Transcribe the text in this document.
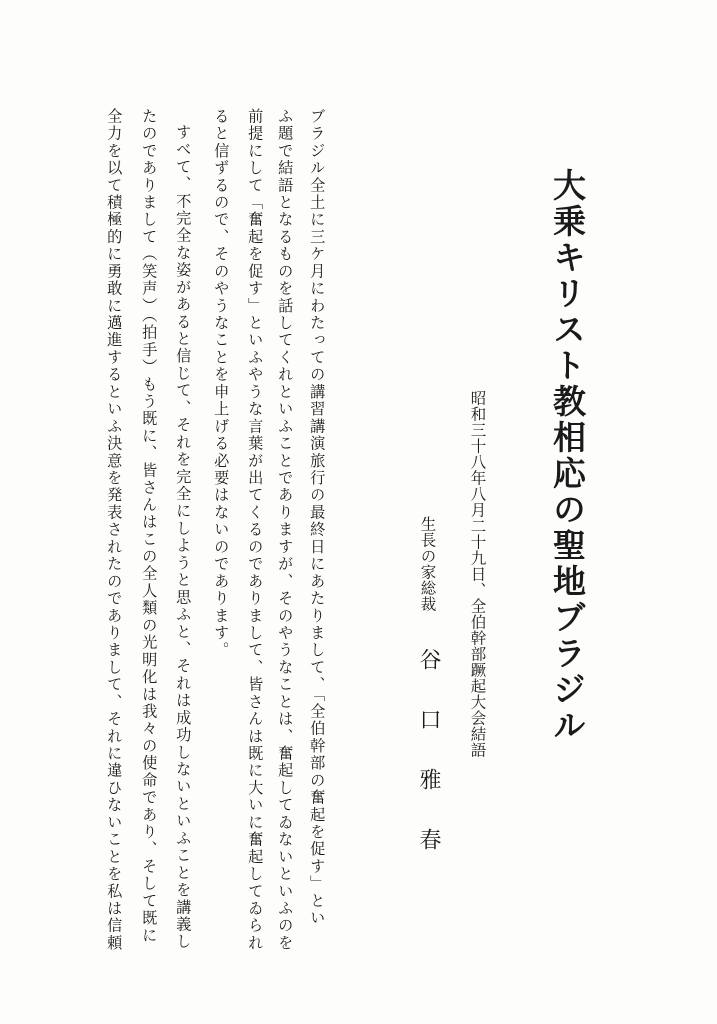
大乗キリスト教相応の聖地ブラジル
昭和三十八年八月二十九日、全伯幹部蹶起大会結語
生長の家総裁
谷口雅春
ブラジル全土に三ケ月にわたっての講習講演旅行の最終日にあたりまして、「全伯幹部の奮起を促す」とい
ふ題で結語となるものを話してくれといふことでありますが、そのやうなことは、奮起してゐないといふのを
前提にして「奮起を促す」といふやうな言葉が出てくるのでありまして、皆さんは既に大いに奮起してゐられ
ると信ずるので、そのやうなことを申上げる必要はないのであります。
すべて、不完全な姿があると信じて、それを完全にしようと思ふと、それは成功しないといふことを講義し
たのでありまして（笑声）（拍手）もう既に、皆さんはこの全人類の光明化は我々の使命であり、そして既に
全力を以て積極的に勇敢に邁進するといふ決意を発表されたのでありまして、それに違ひないことを私は信頼
